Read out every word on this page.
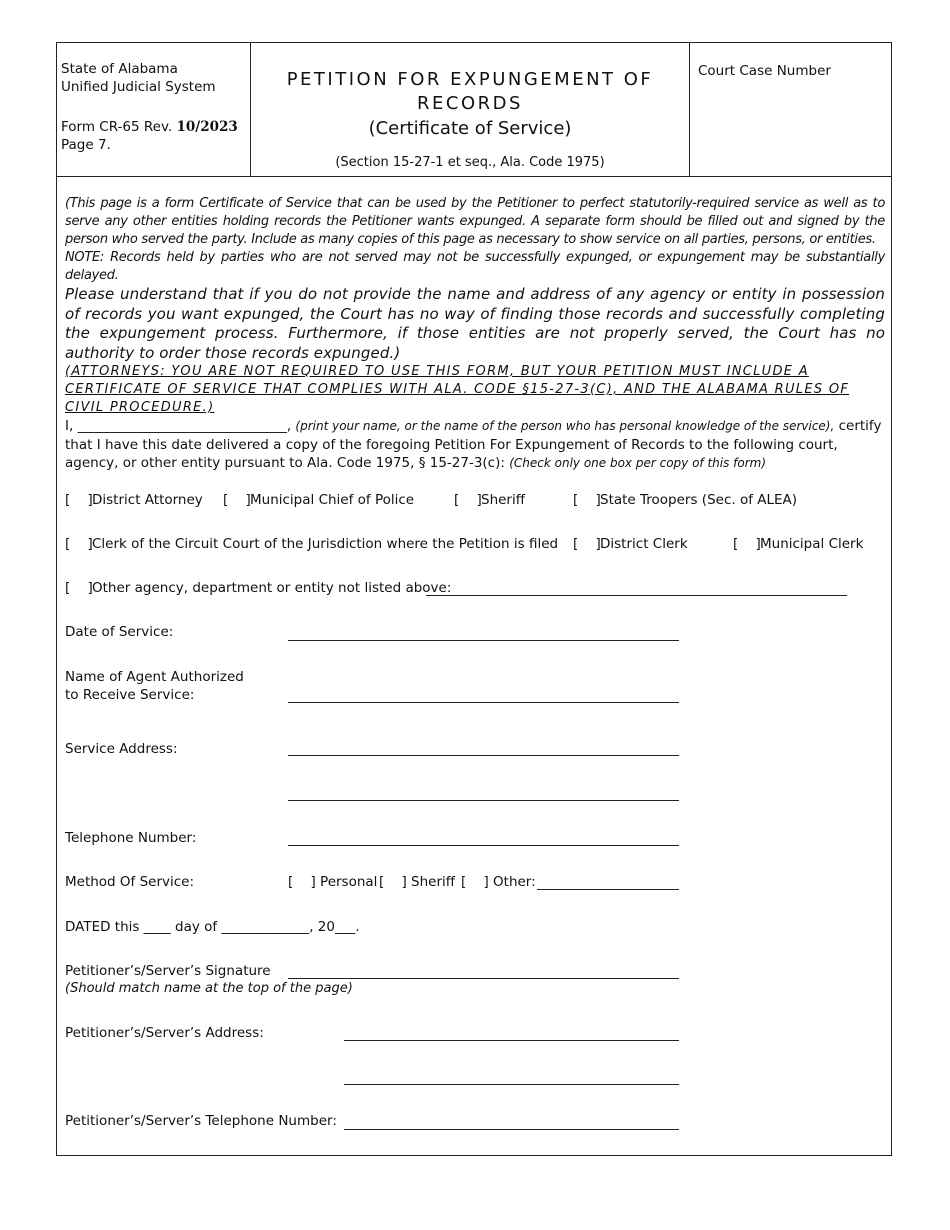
State of Alabama
Unified Judicial System
Form CR-65 Rev. 10/2023
Page 7.
PETITION FOR EXPUNGEMENT OF
RECORDS
(Certificate of Service)
(Section 15-27-1 et seq., Ala. Code 1975)
Court Case Number

(This page is a form Certificate of Service that can be used by the Petitioner to perfect statutorily-required service as well as to serve any other entities holding records the Petitioner wants expunged. A separate form should be filled out and signed by the person who served the party. Include as many copies of this page as necessary to show service on all parties, persons, or entities.

NOTE: Records held by parties who are not served may not be successfully expunged, or expungement may be substantially delayed.

Please understand that if you do not provide the name and address of any agency or entity in possession of records you want expunged, the Court has no way of finding those records and successfully completing the expungement process. Furthermore, if those entities are not properly served, the Court has no authority to order those records expunged.)

(ATTORNEYS: YOU ARE NOT REQUIRED TO USE THIS FORM, BUT YOUR PETITION MUST INCLUDE A CERTIFICATE OF SERVICE THAT COMPLIES WITH ALA. CODE §15-27-3(C), AND THE ALABAMA RULES OF CIVIL PROCEDURE.)

I, _______________________________, (print your name, or the name of the person who has personal knowledge of the service), certify that I have this date delivered a copy of the foregoing Petition For Expungement of Records to the following court, agency, or other entity pursuant to Ala. Code 1975, § 15-27-3(c): (Check only one box per copy of this form)
[ ]District Attorney [ ]Municipal Chief of Police	[ ]Sheriff	[ ]State Troopers (Sec. of ALEA)
[ ]Clerk of the Circuit Court of the Jurisdiction where the Petition is filed [ ]District Clerk	[ ]Municipal Clerk
[ ]Other agency, department or entity not listed above:
Date of Service:
Name of Agent Authorized
to Receive Service:
Service Address:
Telephone Number:
Method Of Service:	[ ] Personal [ ] Sheriff [ ] Other:
DATED this ____ day of _____________, 20___.
Petitioner’s/Server’s Signature
(Should match name at the top of the page)
Petitioner’s/Server’s Address:
Petitioner’s/Server’s Telephone Number:
